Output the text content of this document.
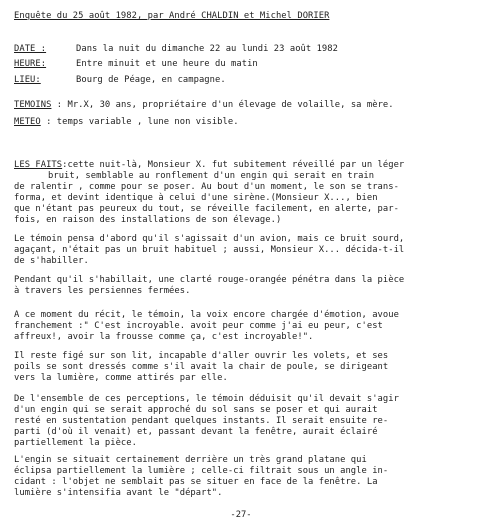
Enquête du 25 août 1982, par André CHALDIN et Michel DORIER
DATE :	Dans la nuit du dimanche 22 au lundi 23 août 1982
HEURE:	Entre minuit et une heure du matin
LIEU:	Bourg de Péage, en campagne.
TEMOINS : Mr.X, 30 ans, propriétaire d'un élevage de volaille, sa mère.
METEO : temps variable , lune non visible.
LES FAITS:cette nuit-là, Monsieur X. fut subitement réveillé par un léger
bruit, semblable au ronflement d'un engin qui serait en train
de ralentir , comme pour se poser. Au bout d'un moment, le son se trans-
forma, et devint identique à celui d'une sirène.(Monsieur X..., bien
que n'étant pas peureux du tout, se réveille facilement, en alerte, par-
fois, en raison des installations de son élevage.)
Le témoin pensa d'abord qu'il s'agissait d'un avion, mais ce bruit sourd,
agaçant, n'était pas un bruit habituel ; aussi, Monsieur X... décida-t-il
de s'habiller.
Pendant qu'il s'habillait, une clarté rouge-orangée pénétra dans la pièce
à travers les persiennes fermées.
A ce moment du récit, le témoin, la voix encore chargée d'émotion, avoue
franchement :" C'est incroyable. avoit peur comme j'ai eu peur, c'est
affreux!, avoir la frousse comme ça, c'est incroyable!".
Il reste figé sur son lit, incapable d'aller ouvrir les volets, et ses
poils se sont dressés comme s'il avait la chair de poule, se dirigeant
vers la lumière, comme attirés par elle.
De l'ensemble de ces perceptions, le témoin déduisit qu'il devait s'agir
d'un engin qui se serait approché du sol sans se poser et qui aurait
resté en sustentation pendant quelques instants. Il serait ensuite re-
parti (d'où il venait) et, passant devant la fenêtre, aurait éclairé
partiellement la pièce.
L'engin se situait certainement derrière un très grand platane qui
éclipsa partiellement la lumière ; celle-ci filtrait sous un angle in-
cidant : l'objet ne semblait pas se situer en face de la fenêtre. La
lumière s'intensifia avant le "départ".
-27-
